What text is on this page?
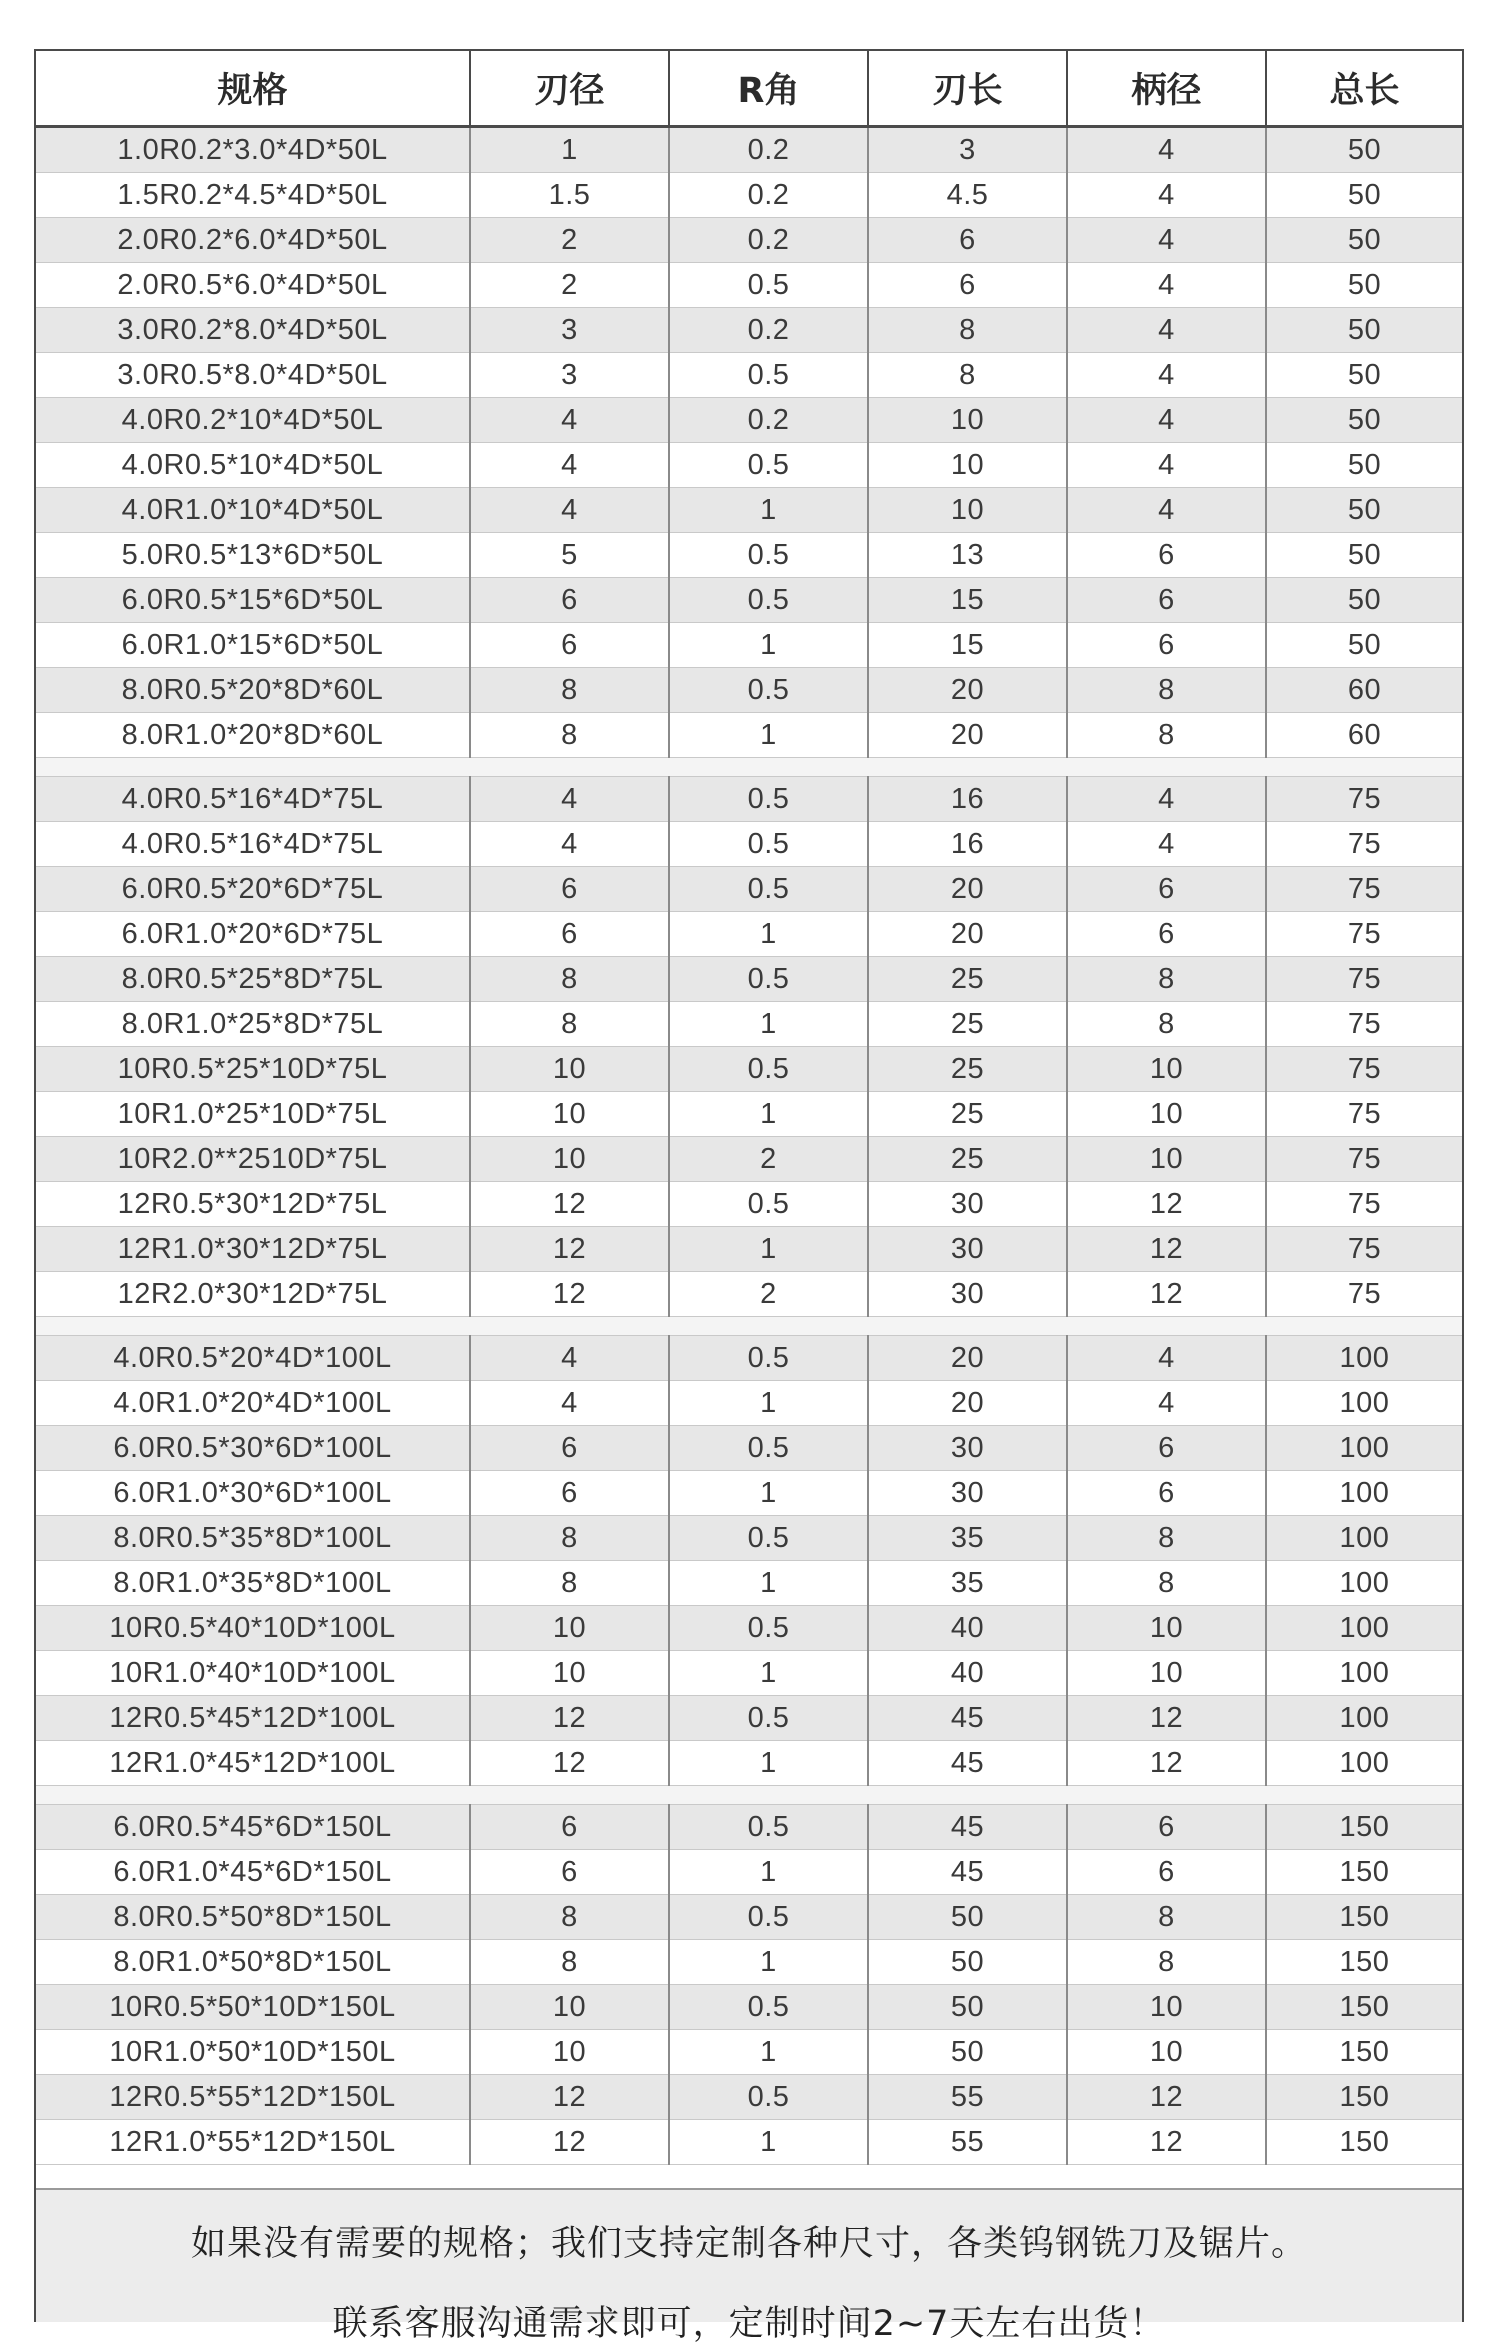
规格	刃径	R角	刃长	柄径	总长
1.0R0.2*3.0*4D*50L	1	0.2	3	4	50
1.5R0.2*4.5*4D*50L	1.5	0.2	4.5	4	50
2.0R0.2*6.0*4D*50L	2	0.2	6	4	50
2.0R0.5*6.0*4D*50L	2	0.5	6	4	50
3.0R0.2*8.0*4D*50L	3	0.2	8	4	50
3.0R0.5*8.0*4D*50L	3	0.5	8	4	50
4.0R0.2*10*4D*50L	4	0.2	10	4	50
4.0R0.5*10*4D*50L	4	0.5	10	4	50
4.0R1.0*10*4D*50L	4	1	10	4	50
5.0R0.5*13*6D*50L	5	0.5	13	6	50
6.0R0.5*15*6D*50L	6	0.5	15	6	50
6.0R1.0*15*6D*50L	6	1	15	6	50
8.0R0.5*20*8D*60L	8	0.5	20	8	60
8.0R1.0*20*8D*60L	8	1	20	8	60

4.0R0.5*16*4D*75L	4	0.5	16	4	75
4.0R0.5*16*4D*75L	4	0.5	16	4	75
6.0R0.5*20*6D*75L	6	0.5	20	6	75
6.0R1.0*20*6D*75L	6	1	20	6	75
8.0R0.5*25*8D*75L	8	0.5	25	8	75
8.0R1.0*25*8D*75L	8	1	25	8	75
10R0.5*25*10D*75L	10	0.5	25	10	75
10R1.0*25*10D*75L	10	1	25	10	75
10R2.0**2510D*75L	10	2	25	10	75
12R0.5*30*12D*75L	12	0.5	30	12	75
12R1.0*30*12D*75L	12	1	30	12	75
12R2.0*30*12D*75L	12	2	30	12	75

4.0R0.5*20*4D*100L	4	0.5	20	4	100
4.0R1.0*20*4D*100L	4	1	20	4	100
6.0R0.5*30*6D*100L	6	0.5	30	6	100
6.0R1.0*30*6D*100L	6	1	30	6	100
8.0R0.5*35*8D*100L	8	0.5	35	8	100
8.0R1.0*35*8D*100L	8	1	35	8	100
10R0.5*40*10D*100L	10	0.5	40	10	100
10R1.0*40*10D*100L	10	1	40	10	100
12R0.5*45*12D*100L	12	0.5	45	12	100
12R1.0*45*12D*100L	12	1	45	12	100

6.0R0.5*45*6D*150L	6	0.5	45	6	150
6.0R1.0*45*6D*150L	6	1	45	6	150
8.0R0.5*50*8D*150L	8	0.5	50	8	150
8.0R1.0*50*8D*150L	8	1	50	8	150
10R0.5*50*10D*150L	10	0.5	50	10	150
10R1.0*50*10D*150L	10	1	50	10	150
12R0.5*55*12D*150L	12	0.5	55	12	150
12R1.0*55*12D*150L	12	1	55	12	150
如果没有需要的规格；我们支持定制各种尺寸，各类钨钢铣刀及锯片。
联系客服沟通需求即可，定制时间2~7天左右出货！
